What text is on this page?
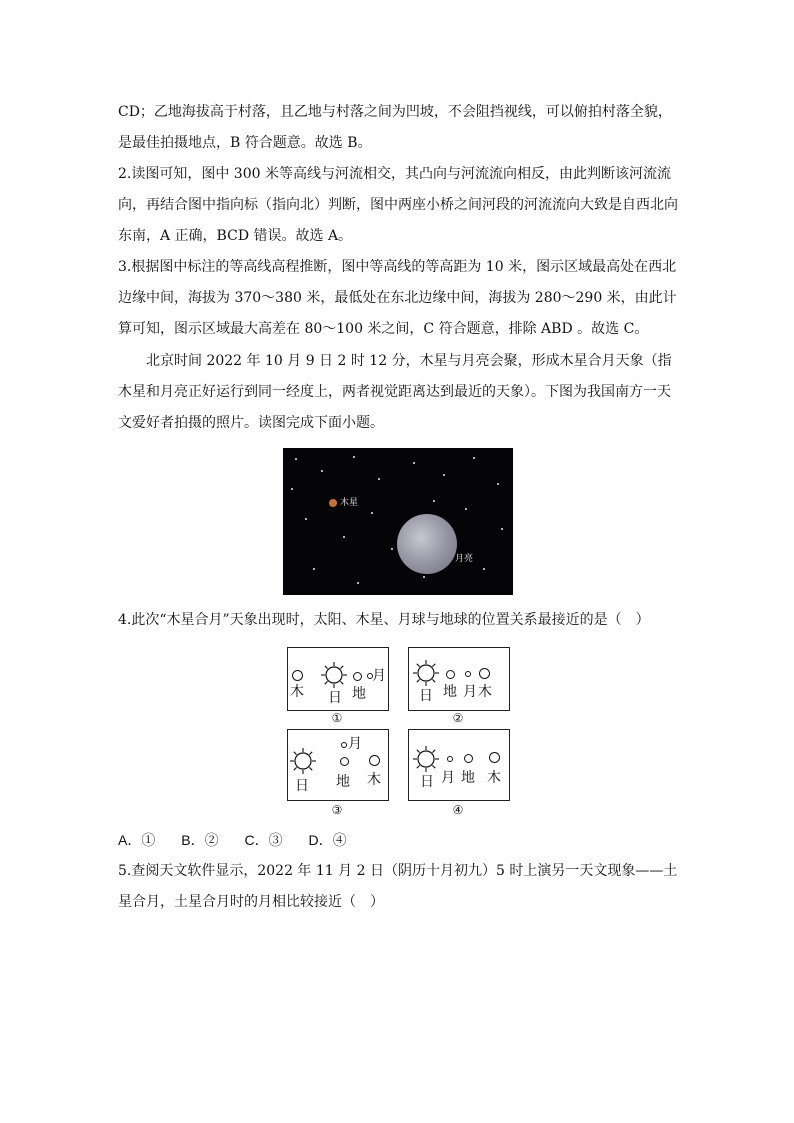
CD；乙地海拔高于村落，且乙地与村落之间为凹坡，不会阻挡视线，可以俯拍村落全貌，是最佳拍摄地点，B 符合题意。故选 B。

2.读图可知，图中 300 米等高线与河流相交，其凸向与河流流向相反，由此判断该河流流向，再结合图中指向标（指向北）判断，图中两座小桥之间河段的河流流向大致是自西北向东南，A 正确，BCD 错误。故选 A。

3.根据图中标注的等高线高程推断，图中等高线的等高距为 10 米，图示区域最高处在西北边缘中间，海拔为 370～380 米，最低处在东北边缘中间，海拔为 280～290 米，由此计算可知，图示区域最大高差在 80～100 米之间，C 符合题意，排除 ABD 。故选 C。

北京时间 2022 年 10 月 9 日 2 时 12 分，木星与月亮会聚，形成木星合月天象（指木星和月亮正好运行到同一经度上，两者视觉距离达到最近的天象）。下图为我国南方一天文爱好者拍摄的照片。读图完成下面小题。

木星
月亮

4.此次“木星合月”天象出现时，太阳、木星、月球与地球的位置关系最接近的是（　）

木 日 地
月
①
日 地 月 木
②
月
日 地 木
③
日 月 地 木
④
A．① B．② C．③ D．④

5.查阅天文软件显示，2022 年 11 月 2 日（阴历十月初九）5 时上演另一天文现象——土星合月，土星合月时的月相比较接近（　）
